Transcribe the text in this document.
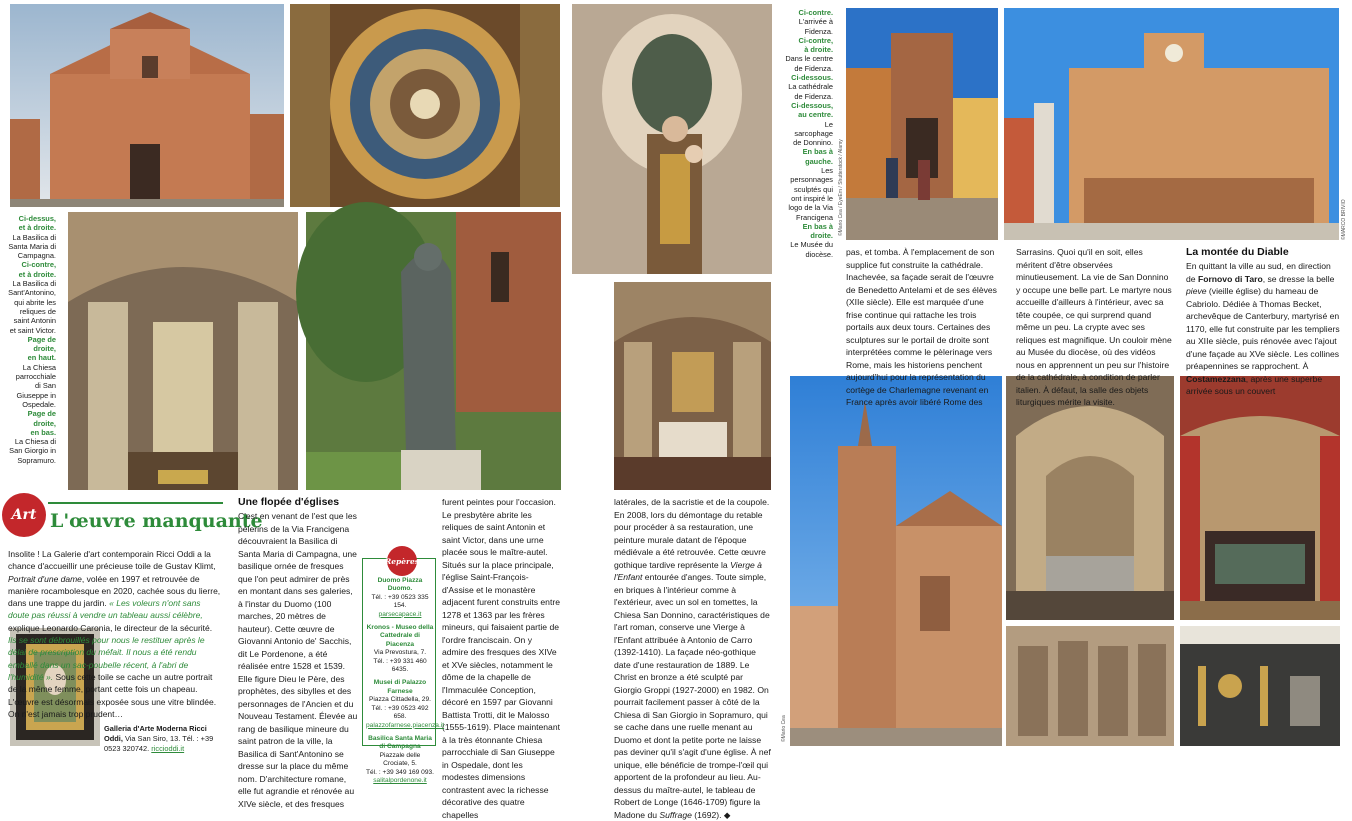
Ci-dessus,
et à droite.
La Basilica di Santa Maria di Campagna.
Ci-contre,
et à droite.
La Basilica di Sant'Antonino, qui abrite les reliques de saint Antonin et saint Victor.
Page de droite,
en haut.
La Chiesa parrocchiale di San Giuseppe in Ospedale.
Page de droite,
en bas.
La Chiesa di San Giorgio in Sopramuro.
Ci-contre.
L'arrivée à Fidenza.
Ci-contre,
à droite.
Dans le centre de Fidenza.
Ci-dessous.
La cathédrale de Fidenza.
Ci-dessous,
au centre.
Le sarcophage de Donnino.
En bas à gauche.
Les personnages sculptés qui ont inspiré le logo de la Via Francigena
En bas à droite.
Le Musée du diocèse.
Art L'œuvre manquante
Insolite ! La Galerie d'art contemporain Ricci Oddi a la chance d'accueillir une précieuse toile de Gustav Klimt, Portrait d'une dame, volée en 1997 et retrouvée de manière rocambolesque en 2020, cachée sous du lierre, dans une trappe du jardin. « Les voleurs n'ont sans doute pas réussi à vendre un tableau aussi célèbre, explique Leonardo Caronia, le directeur de la sécurité. Ils se sont débrouillés pour nous le restituer après le délai de prescription du méfait. Il nous a été rendu emballé dans un sac-poubelle récent, à l'abri de l'humidité ». Sous cette toile se cache un autre portrait de la même femme, portant cette fois un chapeau. L'œuvre est désormais exposée sous une vitre blindée. On n'est jamais trop prudent…
Galleria d'Arte Moderna Ricci Oddi, Via San Siro, 13. Tél. : +39 0523 320742. riccioddi.it
Une flopée d'églises

C'est en venant de l'est que les pèlerins de la Via Francigena découvraient la Basilica di Santa Maria di Campagna, une basilique ornée de fresques que l'on peut admirer de près en montant dans ses galeries, à l'instar du Duomo (100 marches, 20 mètres de hauteur). Cette œuvre de Giovanni Antonio de' Sacchis, dit Le Pordenone, a été réalisée entre 1528 et 1539. Elle figure Dieu le Père, des prophètes, des sibylles et des personnages de l'Ancien et du Nouveau Testament. Élevée au rang de basilique mineure du saint patron de la ville, la Basilica di Sant'Antonino se dresse sur la place du même nom. D'architecture romane, elle fut agrandie et rénovée au XIVe siècle, et des fresques

furent peintes pour l'occasion. Le presbytère abrite les reliques de saint Antonin et saint Victor, dans une urne placée sous le maître-autel. Situés sur la place principale, l'église Saint-François-d'Assise et le monastère adjacent furent construits entre 1278 et 1363 par les frères mineurs, qui faisaient partie de l'ordre franciscain. On y admire des fresques des XIVe et XVe siècles, notamment le dôme de la chapelle de l'Immaculée Conception, décoré en 1597 par Giovanni Battista Trotti, dit le Malosso (1555-1619). Place maintenant à la très étonnante Chiesa parrocchiale di San Giuseppe in Ospedale, dont les modestes dimensions contrastent avec la richesse décorative des quatre chapelles

Repères
Duomo Piazza Duomo.
Tél. : +39 0523 335 154.
parsecapace.it
Kronos - Museo della Cattedrale di Piacenza
Via Prevostura, 7.
Tél. : +39 331 460 6435.
Musei di Palazzo Farnese
Piazza Cittadella, 29.
Tél. : +39 0523 492 658.
palazzofarnese.piacenza.it
Basilica Santa Maria di Campagna
Piazzale delle Crociate, 5.
Tél. : +39 349 169 093.
salitalpordenone.it
latérales, de la sacristie et de la coupole. En 2008, lors du démontage du retable pour procéder à sa restauration, une peinture murale datant de l'époque médiévale a été retrouvée. Cette œuvre gothique tardive représente la Vierge à l'Enfant entourée d'anges. Toute simple, en briques à l'intérieur comme à l'extérieur, avec un sol en tomettes, la Chiesa San Donnino, caractéristiques de l'art roman, conserve une Vierge à l'Enfant attribuée à Antonio de Carro (1392-1410). La façade néo-gothique date d'une restauration de 1889. Le Christ en bronze a été sculpté par Giorgio Groppi (1927-2000) en 1982. On pourrait facilement passer à côté de la Chiesa di San Giorgio in Sopramuro, qui se cache dans une ruelle menant au Duomo et dont la petite porte ne laisse pas deviner qu'il s'agit d'une église. À nef unique, elle bénéficie de trompe-l'œil qui apportent de la profondeur au lieu. Au-dessus du maître-autel, le tableau de Robert de Longe (1646-1709) figure la Madone du Suffrage (1692). ◆

pas, et tomba. À l'emplacement de son supplice fut construite la cathédrale. Inachevée, sa façade serait de l'œuvre de Benedetto Antelami et de ses élèves (XIIe siècle). Elle est marquée d'une frise continue qui rattache les trois portails aux deux tours. Certaines des sculptures sur le portail de droite sont interprétées comme le pèlerinage vers Rome, mais les historiens penchent aujourd'hui pour la représentation du cortège de Charlemagne revenant en France après avoir libéré Rome des

Sarrasins. Quoi qu'il en soit, elles méritent d'être observées minutieusement. La vie de San Donnino y occupe une belle part. Le martyre nous accueille d'ailleurs à l'intérieur, avec sa tête coupée, ce qui surprend quand même un peu. La crypte avec ses reliques est magnifique. Un couloir mène au Musée du diocèse, où des vidéos nous en apprennent un peu sur l'histoire de la cathédrale, à condition de parler italien. À défaut, la salle des objets liturgiques mérite la visite.

La montée du Diable
En quittant la ville au sud, en direction de Fornovo di Taro, se dresse la belle pieve (vieille église) du hameau de Cabriolo. Dédiée à Thomas Becket, archevêque de Canterbury, martyrisé en 1170, elle fut construite par les templiers au XIIe siècle, puis rénovée avec l'ajout d'une façade au XVe siècle. Les collines préapennines se rapprochent. À Costamezzana, après une superbe arrivée sous un couvert
©Mario Cea / EyeEm / Shutterstock / Alamy	©MARCO BRIVIO
©Mario Cea
